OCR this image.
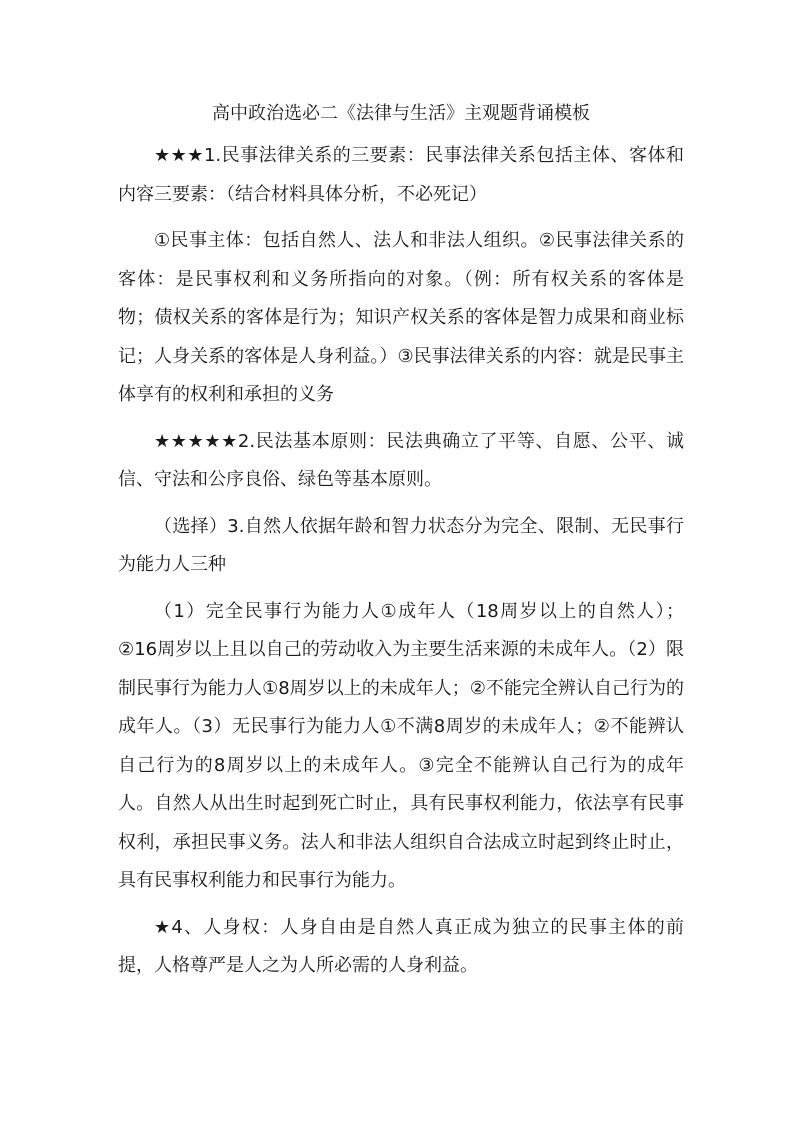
高中政治选必二《法律与生活》主观题背诵模板

★★★1.民事法律关系的三要素：民事法律关系包括主体、客体和内容三要素：（结合材料具体分析，不必死记）

①民事主体：包括自然人、法人和非法人组织。②民事法律关系的客体：是民事权利和义务所指向的对象。（例：所有权关系的客体是物；债权关系的客体是行为；知识产权关系的客体是智力成果和商业标记；人身关系的客体是人身利益。）③民事法律关系的内容：就是民事主体享有的权利和承担的义务

★★★★★2.民法基本原则：民法典确立了平等、自愿、公平、诚信、守法和公序良俗、绿色等基本原则。

（选择）3.自然人依据年龄和智力状态分为完全、限制、无民事行为能力人三种

（1）完全民事行为能力人①成年人（18周岁以上的自然人）；②16周岁以上且以自己的劳动收入为主要生活来源的未成年人。（2）限制民事行为能力人①8周岁以上的未成年人；②不能完全辨认自己行为的成年人。（3）无民事行为能力人①不满8周岁的未成年人；②不能辨认自己行为的8周岁以上的未成年人。③完全不能辨认自己行为的成年人。自然人从出生时起到死亡时止，具有民事权利能力，依法享有民事权利，承担民事义务。法人和非法人组织自合法成立时起到终止时止，具有民事权利能力和民事行为能力。

★4、人身权：人身自由是自然人真正成为独立的民事主体的前提，人格尊严是人之为人所必需的人身利益。
